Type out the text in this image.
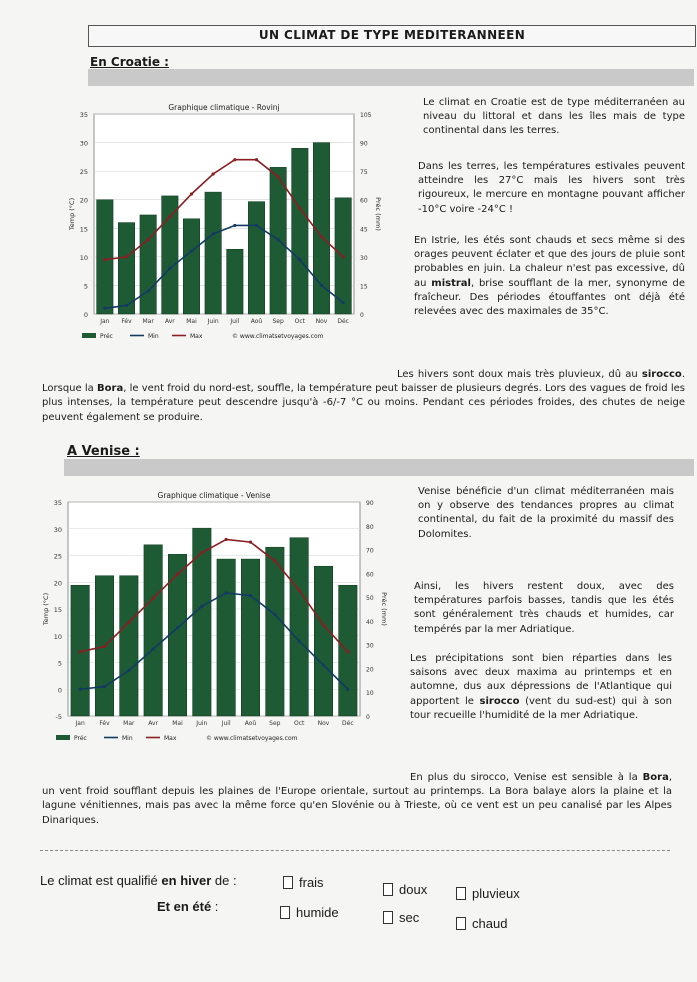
UN CLIMAT DE TYPE MEDITERANNEEN
En Croatie :
0
5
10
15
20
25
30
35
0
15
30
45
60
75
90
105
Jan Fév Mar Avr Mai Juin Juil Aoû Sep Oct Nov Déc
Graphique climatique - Rovinj
Temp (°C)	Préc (mm)
Préc	Min	Max	© www.climatsetvoyages.com
Le climat en Croatie est de type méditerranéen au niveau du littoral et dans les îles mais de type continental dans les terres.
Dans les terres, les températures estivales peuvent atteindre les 27°C mais les hivers sont très rigoureux, le mercure en montagne pouvant afficher -10°C voire -24°C !
En Istrie, les étés sont chauds et secs même si des orages peuvent éclater et que des jours de pluie sont probables en juin. La chaleur n'est pas excessive, dû au mistral, brise soufflant de la mer, synonyme de fraîcheur. Des périodes étouffantes ont déjà été relevées avec des maximales de 35°C.
Les hivers sont doux mais très pluvieux, dû au sirocco. Lorsque la Bora, le vent froid du nord-est, souffle, la température peut baisser de plusieurs degrés. Lors des vagues de froid les plus intenses, la température peut descendre jusqu'à -6/-7 °C ou moins. Pendant ces périodes froides, des chutes de neige peuvent également se produire.
A Venise :
-5
0
5
10
15
20
25
30
35
0
10
20
30
40
50
60
70
80
90
Jan Fév Mar Avr Mai Juin Juil Aoû Sep Oct Nov Déc
Graphique climatique - Venise
Temp (°C)	Préc (mm)
Préc	Min	Max	© www.climatsetvoyages.com
Venise bénéficie d'un climat méditerranéen mais on y observe des tendances propres au climat continental, du fait de la proximité du massif des Dolomites.
Ainsi, les hivers restent doux, avec des températures parfois basses, tandis que les étés sont généralement très chauds et humides, car tempérés par la mer Adriatique.
Les précipitations sont bien réparties dans les saisons avec deux maxima au printemps et en automne, dus aux dépressions de l'Atlantique qui apportent le sirocco (vent du sud-est) qui à son tour recueille l'humidité de la mer Adriatique.
En plus du sirocco, Venise est sensible à la Bora, un vent froid soufflant depuis les plaines de l'Europe orientale, surtout au printemps. La Bora balaye alors la plaine et la lagune vénitiennes, mais pas avec la même force qu'en Slovénie ou à Trieste, où ce vent est un peu canalisé par les Alpes Dinariques.
Le climat est qualifié en hiver de :	frais	doux	pluvieux
Et en été :	humide	sec	chaud
